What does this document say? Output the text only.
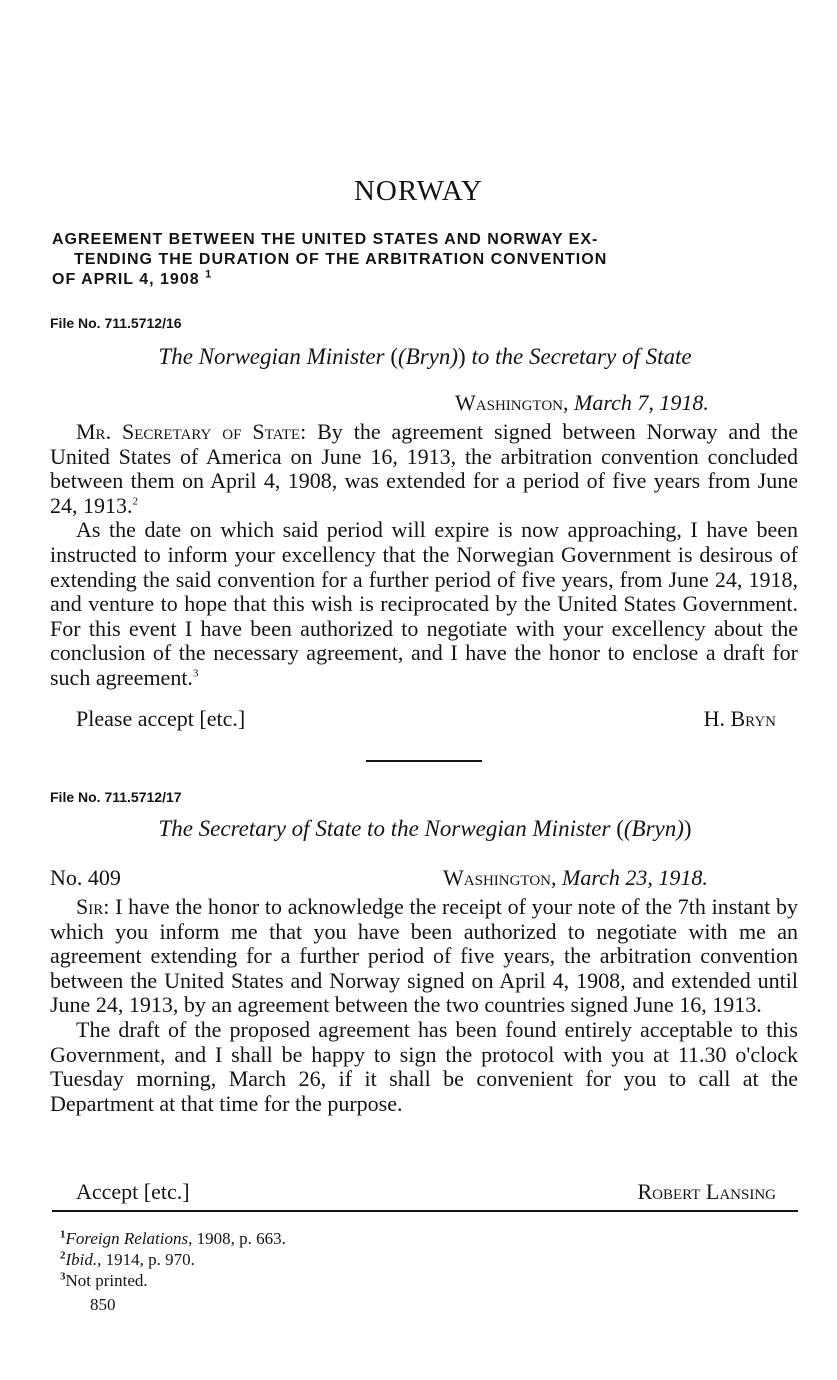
NORWAY
AGREEMENT BETWEEN THE UNITED STATES AND NORWAY EX-
TENDING THE DURATION OF THE ARBITRATION CONVENTION
OF APRIL 4, 1908 $^1$
File No. 711.5712/16
The Norwegian Minister ((Bryn)) to the Secretary of State
Washington, March 7, 1918.

Mr. Secretary of State: By the agreement signed between Norway and the United States of America on June 16, 1913, the arbitration convention concluded between them on April 4, 1908, was extended for a period of five years from June 24, 1913.$^2$

As the date on which said period will expire is now approaching, I have been instructed to inform your excellency that the Norwegian Government is desirous of extending the said convention for a further period of five years, from June 24, 1918, and venture to hope that this wish is reciprocated by the United States Government. For this event I have been authorized to negotiate with your excellency about the conclusion of the necessary agreement, and I have the honor to enclose a draft for such agreement.$^3$

Please accept [etc.]	H. Bryn
File No. 711.5712/17
The Secretary of State to the Norwegian Minister ((Bryn))
No. 409	Washington, March 23, 1918.

Sir: I have the honor to acknowledge the receipt of your note of the 7th instant by which you inform me that you have been authorized to negotiate with me an agreement extending for a further period of five years, the arbitration convention between the United States and Norway signed on April 4, 1908, and extended until June 24, 1913, by an agreement between the two countries signed June 16, 1913.

The draft of the proposed agreement has been found entirely acceptable to this Government, and I shall be happy to sign the protocol with you at 11.30 o'clock Tuesday morning, March 26, if it shall be convenient for you to call at the Department at that time for the purpose.

Accept [etc.]	Robert Lansing
$^1$Foreign Relations, 1908, p. 663.
$^2$Ibid., 1914, p. 970.
$^3$Not printed.
850
